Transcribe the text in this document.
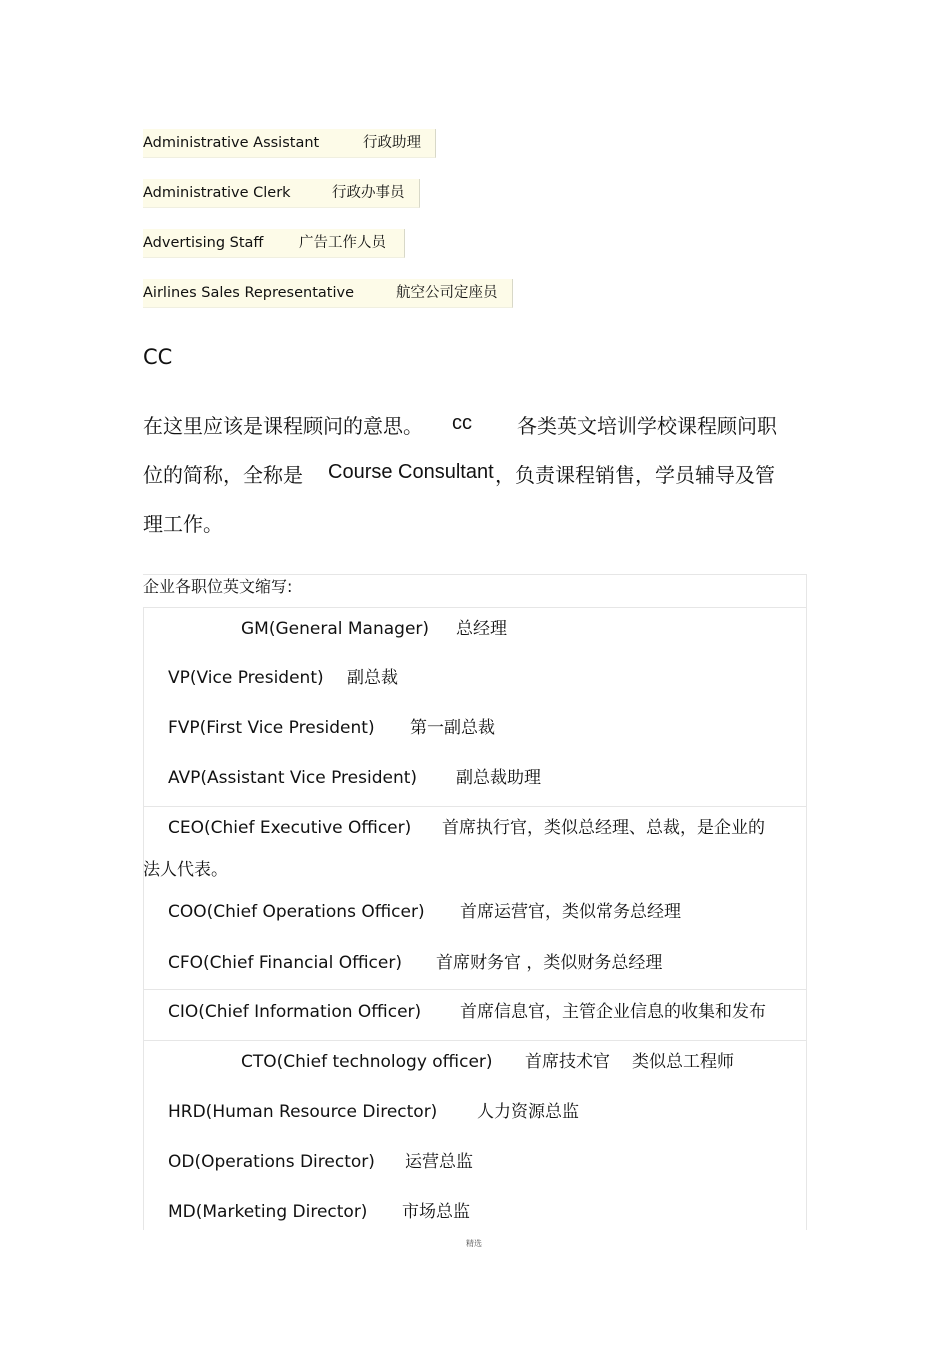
Administrative Assistant	行政助理
Administrative Clerk	行政办事员
Advertising Staff 广告工作人员
Airlines Sales Representative	航空公司定座员
CC
在这里应该是课程顾问的意思。 cc 各类英文培训学校课程顾问职
位的简称，全称是 Course Consultant ，负责课程销售，学员辅导及管
理工作。
企业各职位英文缩写:
GM(General Manager) 总经理
VP(Vice President) 副总裁
FVP(First Vice President) 第一副总裁
AVP(Assistant Vice President) 副总裁助理
CEO(Chief Executive Officer) 首席执行官，类似总经理、总裁，是企业的
法人代表。
COO(Chief Operations Officer) 首席运营官，类似常务总经理
CFO(Chief Financial Officer) 首席财务官 ，类似财务总经理
CIO(Chief Information Officer) 首席信息官，主管企业信息的收集和发布
CTO(Chief technology officer) 首席技术官 类似总工程师
HRD(Human Resource Director) 人力资源总监
OD(Operations Director) 运营总监
MD(Marketing Director) 市场总监
精选
